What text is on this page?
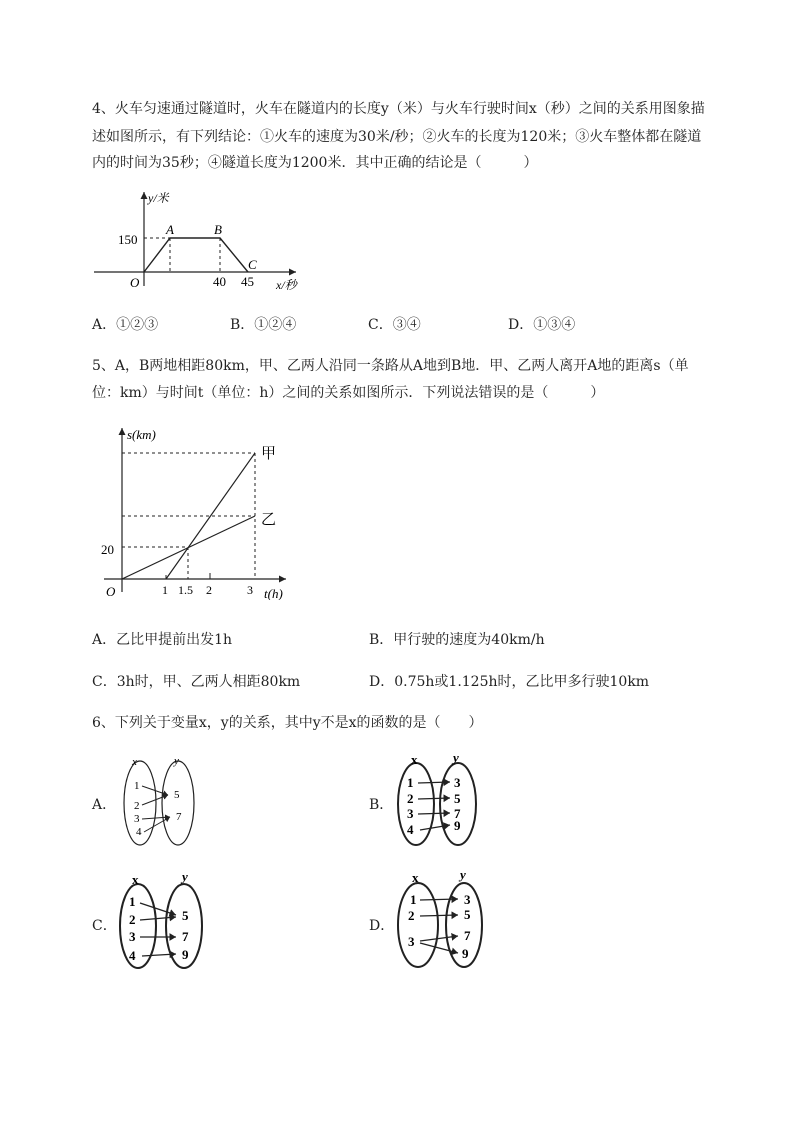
4、火车匀速通过隧道时，火车在隧道内的长度y（米）与火车行驶时间x（秒）之间的关系用图象描
述如图所示，有下列结论：①火车的速度为30米/秒；②火车的长度为120米；③火车整体都在隧道
内的时间为35秒；④隧道长度为1200米．其中正确的结论是（　　　）
y/米
150
O
A	B
C
40 45 x/秒
A．①②③	B．①②④	C．③④	D．①③④
5、A，B两地相距80km，甲、乙两人沿同一条路从A地到B地．甲、乙两人离开A地的距离s（单
位：km）与时间t（单位：h）之间的关系如图所示．下列说法错误的是（　　　）
s(km)
20
O	1 1.5 2	3 t(h)
甲
乙
A．乙比甲提前出发1h	B．甲行驶的速度为40km/h
C．3h时，甲、乙两人相距80km	D．0.75h或1.125h时，乙比甲多行驶10km
6、下列关于变量x，y的关系，其中y不是x的函数的是（　　）
A．	B．
C．	D．
x	y
1
2
3
4
5
7
x	y
1
2
3
4
3
5
7
9
x	y
1
2
3
4
5
7
9
x	y
1
2
3
3
5
7
9
